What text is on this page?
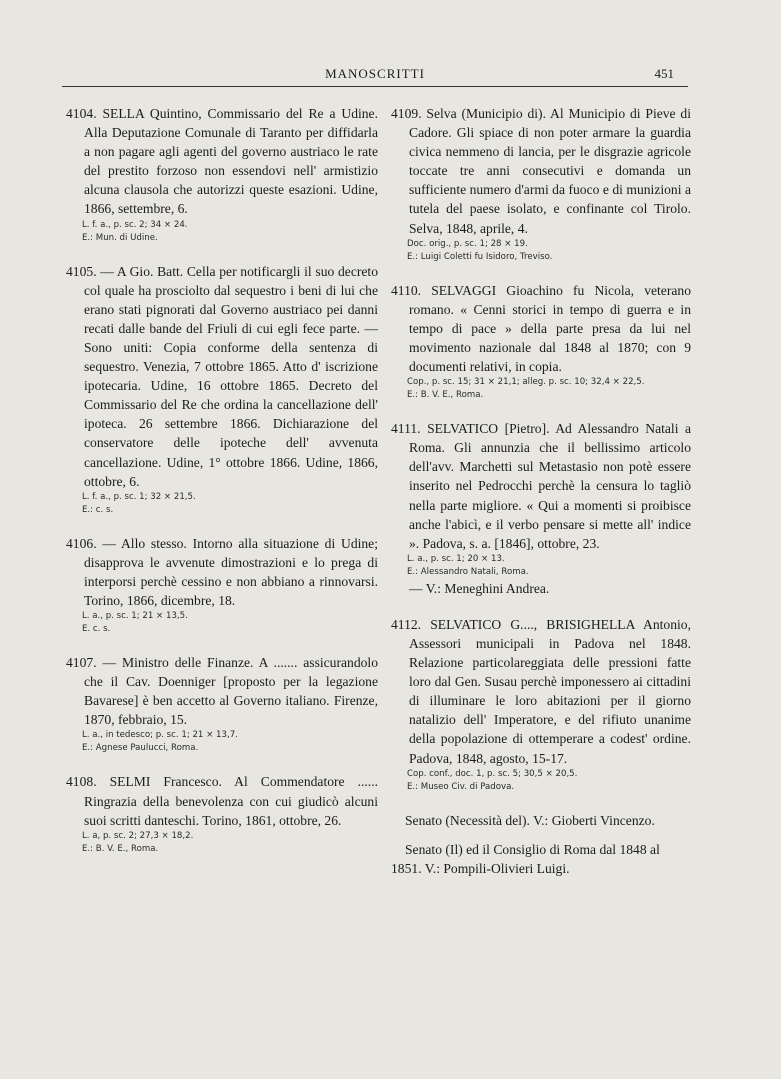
MANOSCRITTI	451

4104. SELLA Quintino, Commissario del Re a Udine. Alla Deputazione Comunale di Taranto per diffidarla a non pagare agli agenti del governo austriaco le rate del prestito forzoso non essendovi nell' armistizio alcuna clausola che autorizzi queste esazioni. Udine, 1866, settembre, 6.

L. f. a., p. sc. 2; 34 × 24.

E.: Mun. di Udine.

4105. — A Gio. Batt. Cella per notificargli il suo decreto col quale ha prosciolto dal sequestro i beni di lui che erano stati pignorati dal Governo austriaco pei danni recati dalle bande del Friuli di cui egli fece parte. — Sono uniti: Copia conforme della sentenza di sequestro. Venezia, 7 ottobre 1865. Atto d' iscrizione ipotecaria. Udine, 16 ottobre 1865. Decreto del Commissario del Re che ordina la cancellazione dell' ipoteca. 26 settembre 1866. Dichiarazione del conservatore delle ipoteche dell' avvenuta cancellazione. Udine, 1° ottobre 1866. Udine, 1866, ottobre, 6.

L. f. a., p. sc. 1; 32 × 21,5.

E.: c. s.

4106. — Allo stesso. Intorno alla situazione di Udine; disapprova le avvenute dimostrazioni e lo prega di interporsi perchè cessino e non abbiano a rinnovarsi. Torino, 1866, dicembre, 18.

L. a., p. sc. 1; 21 × 13,5.

E. c. s.

4107. — Ministro delle Finanze. A ....... assicurandolo che il Cav. Doenniger [proposto per la legazione Bavarese] è ben accetto al Governo italiano. Firenze, 1870, febbraio, 15.

L. a., in tedesco; p. sc. 1; 21 × 13,7.

E.: Agnese Paulucci, Roma.

4108. SELMI Francesco. Al Commendatore ...... Ringrazia della benevolenza con cui giudicò alcuni suoi scritti danteschi. Torino, 1861, ottobre, 26.

L. a, p. sc. 2; 27,3 × 18,2.

E.: B. V. E., Roma.

4109. Selva (Municipio di). Al Municipio di Pieve di Cadore. Gli spiace di non poter armare la guardia civica nemmeno di lancia, per le disgrazie agricole toccate tre anni consecutivi e domanda un sufficiente numero d'armi da fuoco e di munizioni a tutela del paese isolato, e confinante col Tirolo. Selva, 1848, aprile, 4.

Doc. orig., p. sc. 1; 28 × 19.

E.: Luigi Coletti fu Isidoro, Treviso.

4110. SELVAGGI Gioachino fu Nicola, veterano romano. « Cenni storici in tempo di guerra e in tempo di pace » della parte presa da lui nel movimento nazionale dal 1848 al 1870; con 9 documenti relativi, in copia.

Cop., p. sc. 15; 31 × 21,1; alleg. p. sc. 10; 32,4 × 22,5.

E.: B. V. E., Roma.

4111. SELVATICO [Pietro]. Ad Alessandro Natali a Roma. Gli annunzia che il bellissimo articolo dell'avv. Marchetti sul Metastasio non potè essere inserito nel Pedrocchi perchè la censura lo tagliò nella parte migliore. « Qui a momenti si proibisce anche l'abicì, e il verbo pensare si mette all' indice ». Padova, s. a. [1846], ottobre, 23.

L. a., p. sc. 1; 20 × 13.

E.: Alessandro Natali, Roma.

— V.: Meneghini Andrea.

4112. SELVATICO G...., BRISIGHELLA Antonio, Assessori municipali in Padova nel 1848. Relazione particolareggiata delle pressioni fatte loro dal Gen. Susau perchè imponessero ai cittadini di illuminare le loro abitazioni per il giorno natalizio dell' Imperatore, e del rifiuto unanime della popolazione di ottemperare a codest' ordine. Padova, 1848, agosto, 15-17.

Cop. conf., doc. 1, p. sc. 5; 30,5 × 20,5.

E.: Museo Civ. di Padova.

Senato (Necessità del). V.: Gioberti Vincenzo.

Senato (Il) ed il Consiglio di Roma dal 1848 al 1851. V.: Pompili-Olivieri Luigi.
